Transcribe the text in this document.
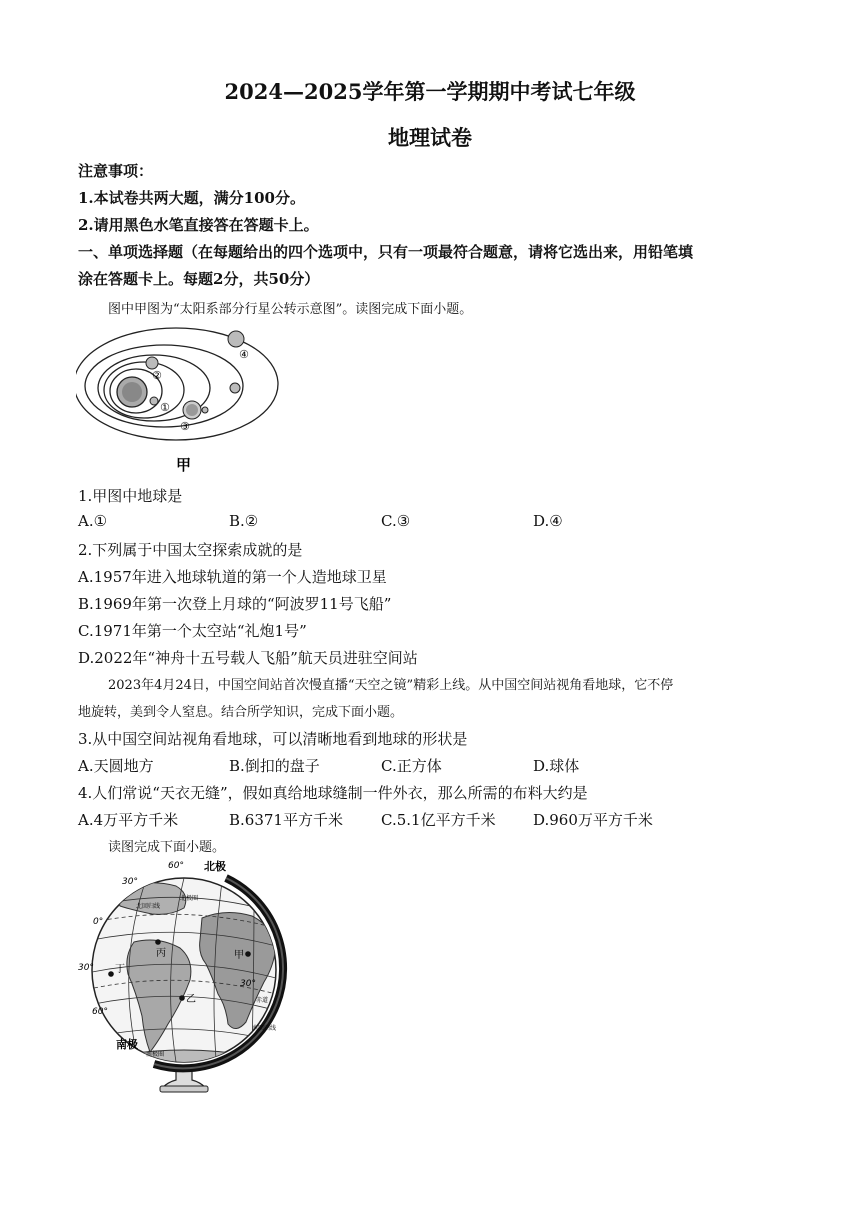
2024—2025学年第一学期期中考试七年级
地理试卷
注意事项：
1.本试卷共两大题，满分100分。
2.请用黑色水笔直接答在答题卡上。
一、单项选择题（在每题给出的四个选项中，只有一项最符合题意，请将它选出来，用铅笔填
涂在答题卡上。每题2分，共50分）
图中甲图为“太阳系部分行星公转示意图”。读图完成下面小题。
①
②
③
④
甲
1.甲图中地球是
A.①	B.②	C.③	D.④
2.下列属于中国太空探索成就的是
A.1957年进入地球轨道的第一个人造地球卫星
B.1969年第一次登上月球的“阿波罗11号飞船”
C.1971年第一个太空站“礼炮1号”
D.2022年“神舟十五号载人飞船”航天员进驻空间站
2023年4月24日，中国空间站首次慢直播“天空之镜”精彩上线。从中国空间站视角看地球，它不停
地旋转，美到令人窒息。结合所学知识，完成下面小题。
3.从中国空间站视角看地球，可以清晰地看到地球的形状是
A.天圆地方	B.倒扣的盘子	C.正方体	D.球体
4.人们常说“天衣无缝”，假如真给地球缝制一件外衣，那么所需的布料大约是
A.4万平方千米	B.6371平方千米	C.5.1亿平方千米 D.960万平方千米
读图完成下面小题。
北极
南极
60°
30°
0°
30°
60°
30°
甲
乙
丙
丁
北回归线
南回归线
赤道
北极圈
南极圈
